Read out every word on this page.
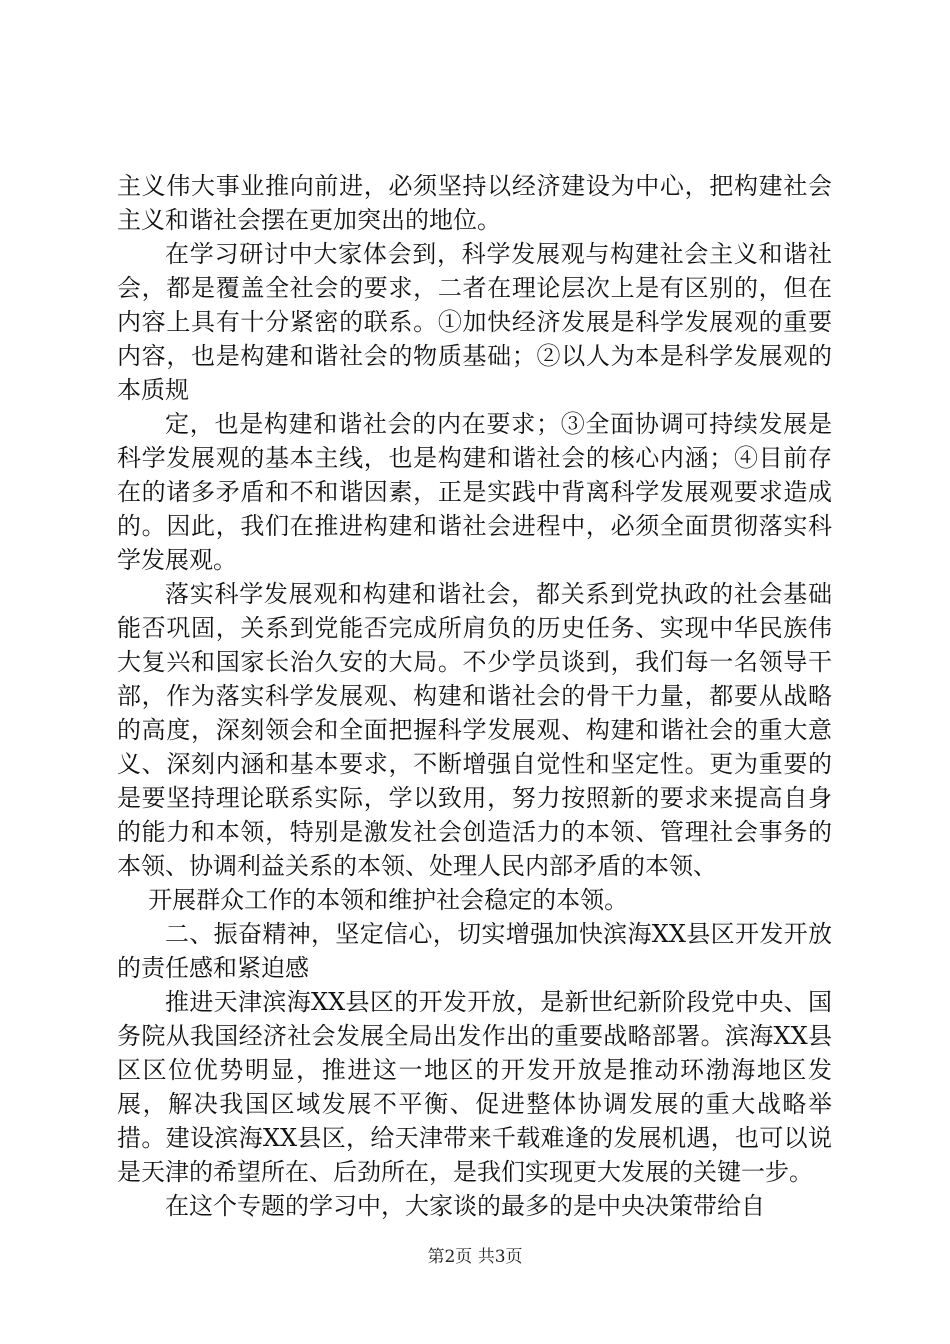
主义伟大事业推向前进，必须坚持以经济建设为中心，把构建社会主义和谐社会摆在更加突出的地位。

在学习研讨中大家体会到，科学发展观与构建社会主义和谐社会，都是覆盖全社会的要求，二者在理论层次上是有区别的，但在内容上具有十分紧密的联系。①加快经济发展是科学发展观的重要内容，也是构建和谐社会的物质基础；②以人为本是科学发展观的本质规

定，也是构建和谐社会的内在要求；③全面协调可持续发展是科学发展观的基本主线，也是构建和谐社会的核心内涵；④目前存在的诸多矛盾和不和谐因素，正是实践中背离科学发展观要求造成的。因此，我们在推进构建和谐社会进程中，必须全面贯彻落实科学发展观。

落实科学发展观和构建和谐社会，都关系到党执政的社会基础能否巩固，关系到党能否完成所肩负的历史任务、实现中华民族伟大复兴和国家长治久安的大局。不少学员谈到，我们每一名领导干部，作为落实科学发展观、构建和谐社会的骨干力量，都要从战略的高度，深刻领会和全面把握科学发展观、构建和谐社会的重大意义、深刻内涵和基本要求，不断增强自觉性和坚定性。更为重要的是要坚持理论联系实际，学以致用，努力按照新的要求来提高自身的能力和本领，特别是激发社会创造活力的本领、管理社会事务的本领、协调利益关系的本领、处理人民内部矛盾的本领、

开展群众工作的本领和维护社会稳定的本领。

二、振奋精神，坚定信心，切实增强加快滨海XX县区开发开放的责任感和紧迫感

推进天津滨海XX县区的开发开放，是新世纪新阶段党中央、国务院从我国经济社会发展全局出发作出的重要战略部署。滨海XX县区区位优势明显，推进这一地区的开发开放是推动环渤海地区发展，解决我国区域发展不平衡、促进整体协调发展的重大战略举措。建设滨海XX县区，给天津带来千载难逢的发展机遇，也可以说是天津的希望所在、后劲所在，是我们实现更大发展的关键一步。

在这个专题的学习中，大家谈的最多的是中央决策带给自

第2页 共3页
